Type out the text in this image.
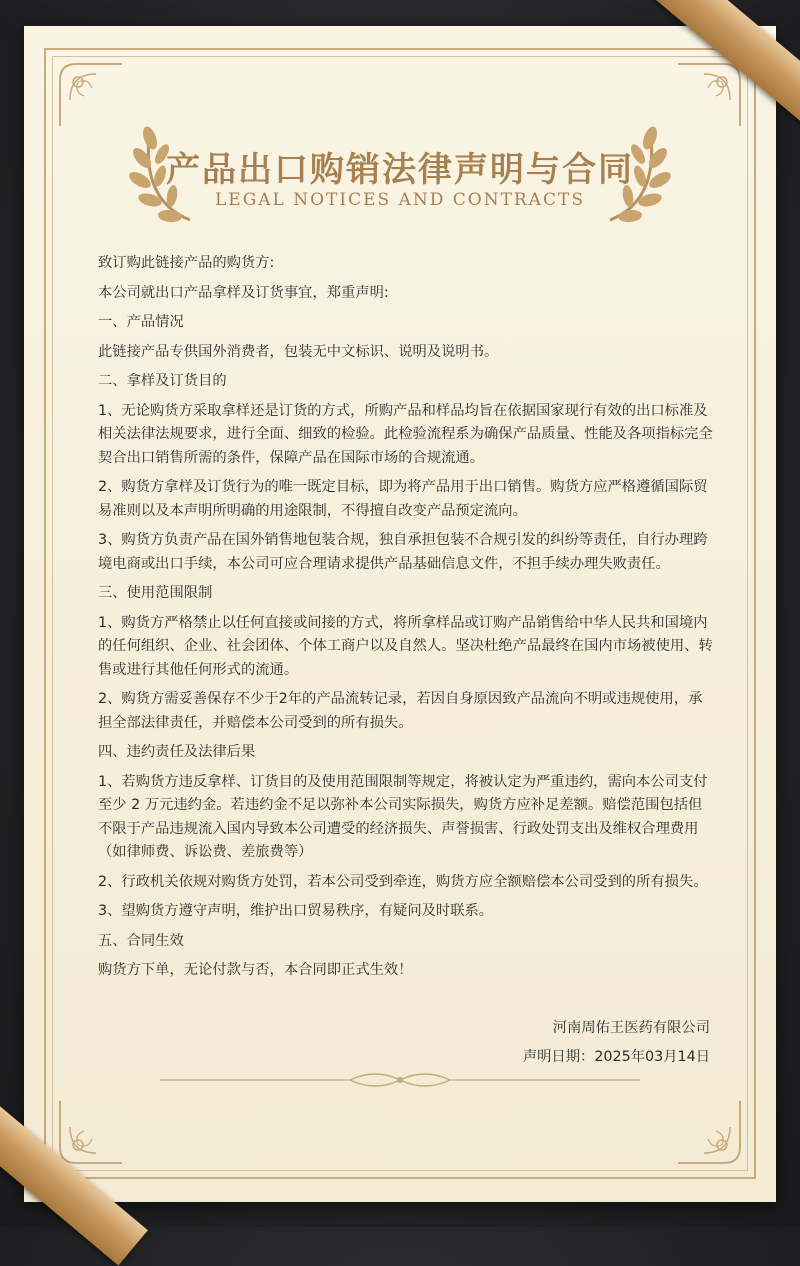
产品出口购销法律声明与合同
LEGAL NOTICES AND CONTRACTS

致订购此链接产品的购货方:

本公司就出口产品拿样及订货事宜，郑重声明:

一、产品情况

此链接产品专供国外消费者，包装无中文标识、说明及说明书。

二、拿样及订货目的

1、无论购货方采取拿样还是订货的方式，所购产品和样品均旨在依据国家现行有效的出口标准及相关法律法规要求，进行全面、细致的检验。此检验流程系为确保产品质量、性能及各项指标完全契合出口销售所需的条件，保障产品在国际市场的合规流通。

2、购货方拿样及订货行为的唯一既定目标，即为将产品用于出口销售。购货方应严格遵循国际贸易准则以及本声明所明确的用途限制，不得擅自改变产品预定流向。

3、购货方负责产品在国外销售地包装合规，独自承担包装不合规引发的纠纷等责任，自行办理跨境电商或出口手续，本公司可应合理请求提供产品基础信息文件，不担手续办理失败责任。

三、使用范围限制

1、购货方严格禁止以任何直接或间接的方式，将所拿样品或订购产品销售给中华人民共和国境内的任何组织、企业、社会团体、个体工商户以及自然人。坚决杜绝产品最终在国内市场被使用、转售或进行其他任何形式的流通。

2、购货方需妥善保存不少于2年的产品流转记录，若因自身原因致产品流向不明或违规使用，承担全部法律责任，并赔偿本公司受到的所有损失。

四、违约责任及法律后果

1、若购货方违反拿样、订货目的及使用范围限制等规定，将被认定为严重违约，需向本公司支付至少 2 万元违约金。若违约金不足以弥补本公司实际损失，购货方应补足差额。赔偿范围包括但不限于产品违规流入国内导致本公司遭受的经济损失、声誉损害、行政处罚支出及维权合理费用（如律师费、诉讼费、差旅费等）

2、行政机关依规对购货方处罚，若本公司受到牵连，购货方应全额赔偿本公司受到的所有损失。

3、望购货方遵守声明，维护出口贸易秩序，有疑问及时联系。

五、合同生效

购货方下单，无论付款与否，本合同即正式生效！

河南周佑王医药有限公司
声明日期：2025年03月14日
